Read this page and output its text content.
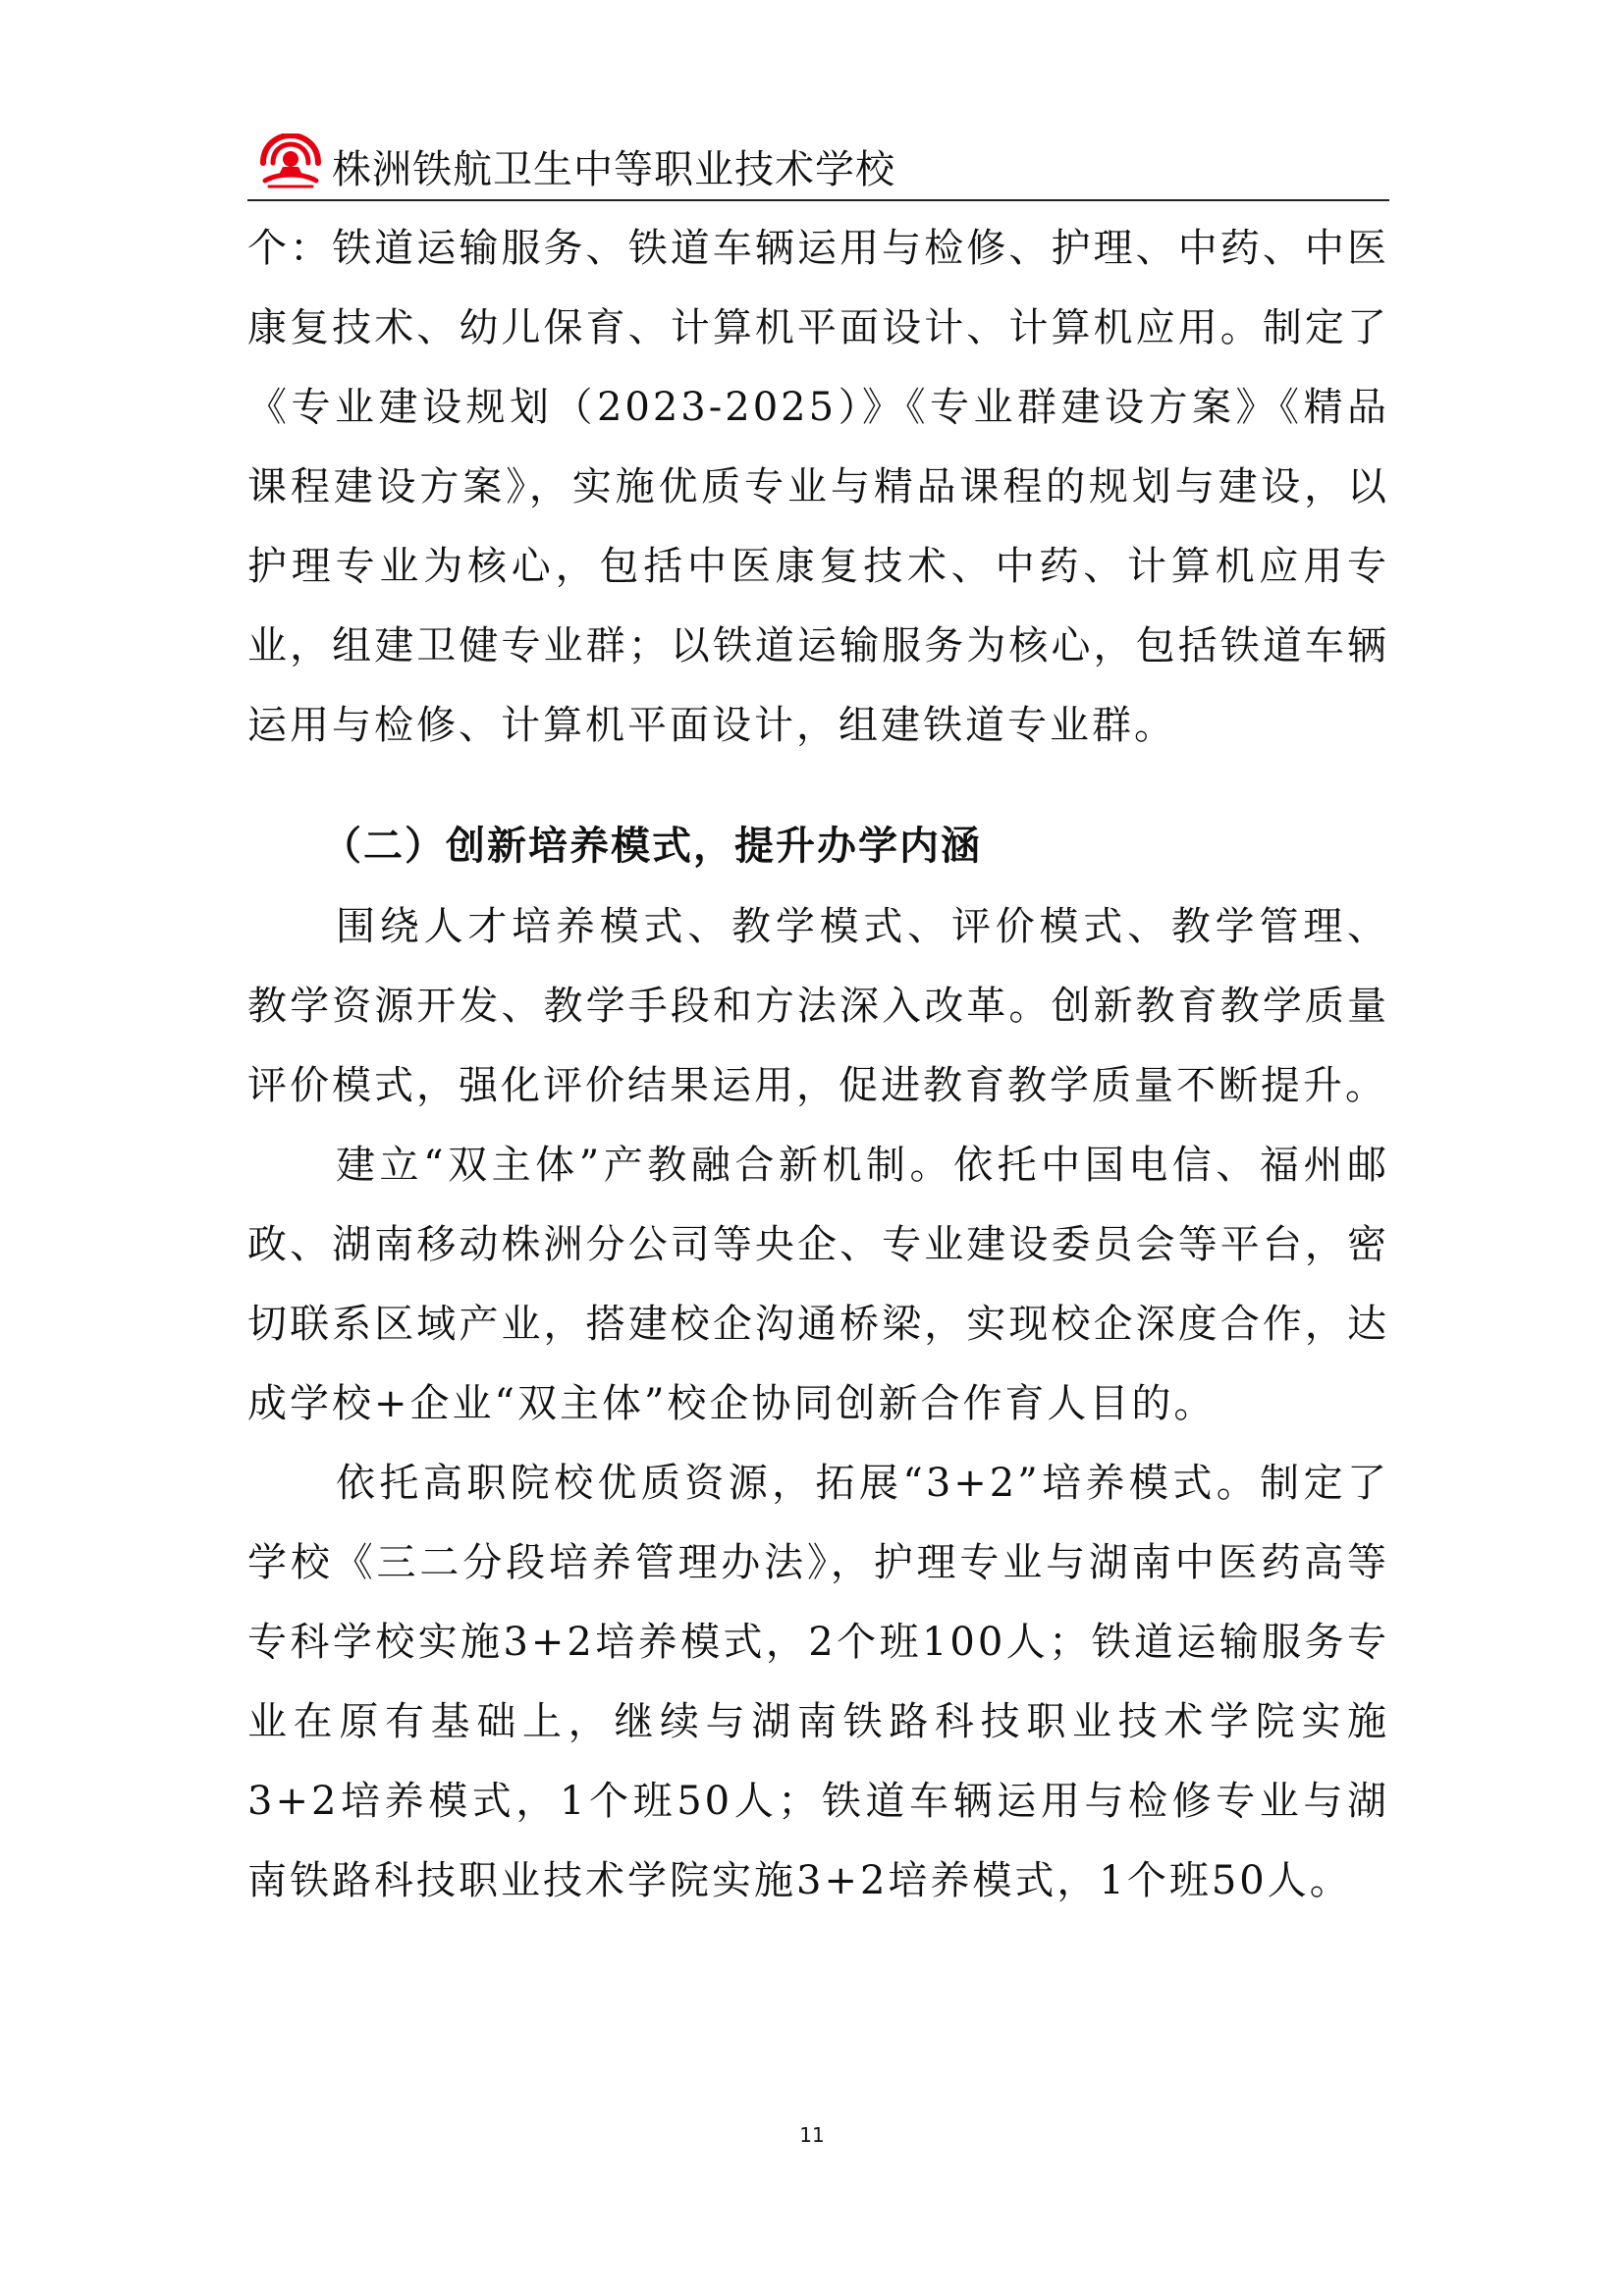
株洲铁航卫生中等职业技术学校

个：铁道运输服务、铁道车辆运用与检修、护理、中药、中医康复技术、幼儿保育、计算机平面设计、计算机应用。制定了《专业建设规划（2023-2025）》《专业群建设方案》《精品课程建设方案》，实施优质专业与精品课程的规划与建设，以护理专业为核心，包括中医康复技术、中药、计算机应用专业，组建卫健专业群；以铁道运输服务为核心，包括铁道车辆运用与检修、计算机平面设计，组建铁道专业群。

（二）创新培养模式，提升办学内涵

围绕人才培养模式、教学模式、评价模式、教学管理、教学资源开发、教学手段和方法深入改革。创新教育教学质量评价模式，强化评价结果运用，促进教育教学质量不断提升。

建立“双主体”产教融合新机制。依托中国电信、福州邮政、湖南移动株洲分公司等央企、专业建设委员会等平台，密切联系区域产业，搭建校企沟通桥梁，实现校企深度合作，达成学校+企业“双主体”校企协同创新合作育人目的。

依托高职院校优质资源，拓展“3+2”培养模式。制定了学校《三二分段培养管理办法》，护理专业与湖南中医药高等专科学校实施3+2培养模式，2个班100人；铁道运输服务专业在原有基础上，继续与湖南铁路科技职业技术学院实施3+2培养模式，1个班50人；铁道车辆运用与检修专业与湖南铁路科技职业技术学院实施3+2培养模式，1个班50人。

11
